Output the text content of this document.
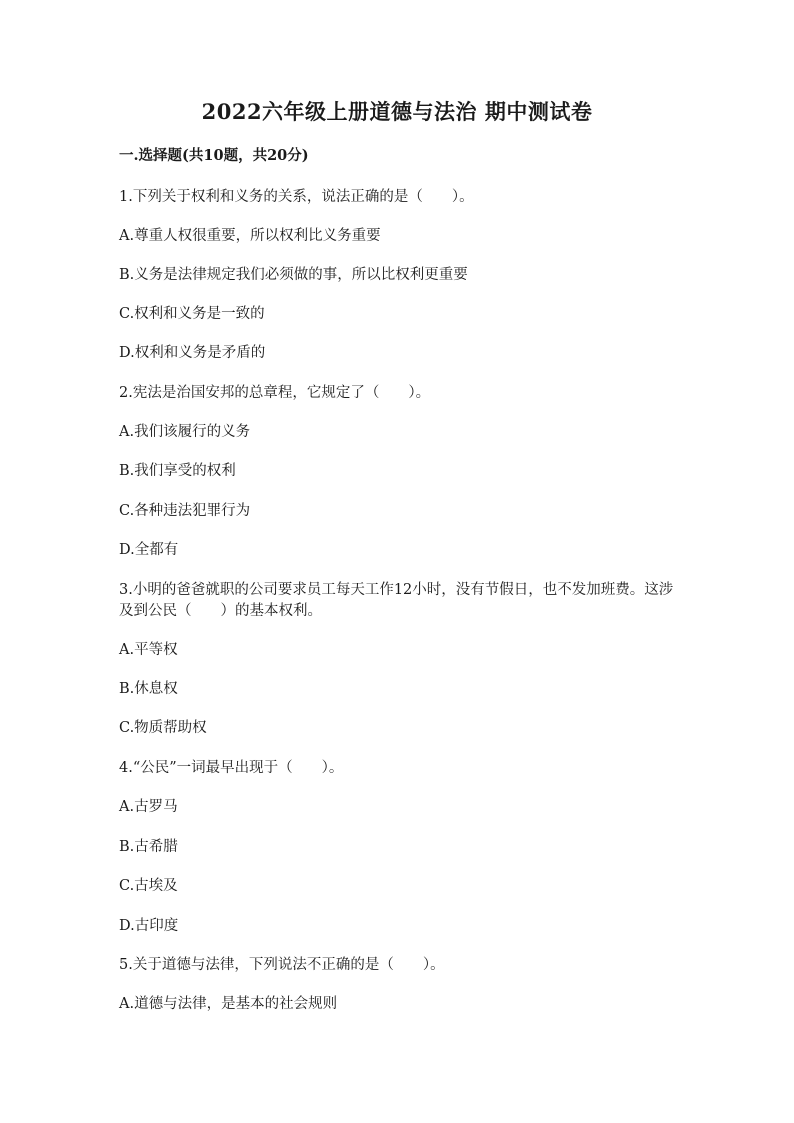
2022六年级上册道德与法治 期中测试卷
一.选择题(共10题，共20分)
1.下列关于权利和义务的关系，说法正确的是（　　）。
A.尊重人权很重要，所以权利比义务重要
B.义务是法律规定我们必须做的事，所以比权利更重要
C.权利和义务是一致的
D.权利和义务是矛盾的
2.宪法是治国安邦的总章程，它规定了（　　）。
A.我们该履行的义务
B.我们享受的权利
C.各种违法犯罪行为
D.全都有
3.小明的爸爸就职的公司要求员工每天工作12小时，没有节假日，也不发加班费。这涉及到公民（　　）的基本权利。
A.平等权
B.休息权
C.物质帮助权
4.“公民”一词最早出现于（　　）。
A.古罗马
B.古希腊
C.古埃及
D.古印度
5.关于道德与法律，下列说法不正确的是（　　）。
A.道德与法律，是基本的社会规则
